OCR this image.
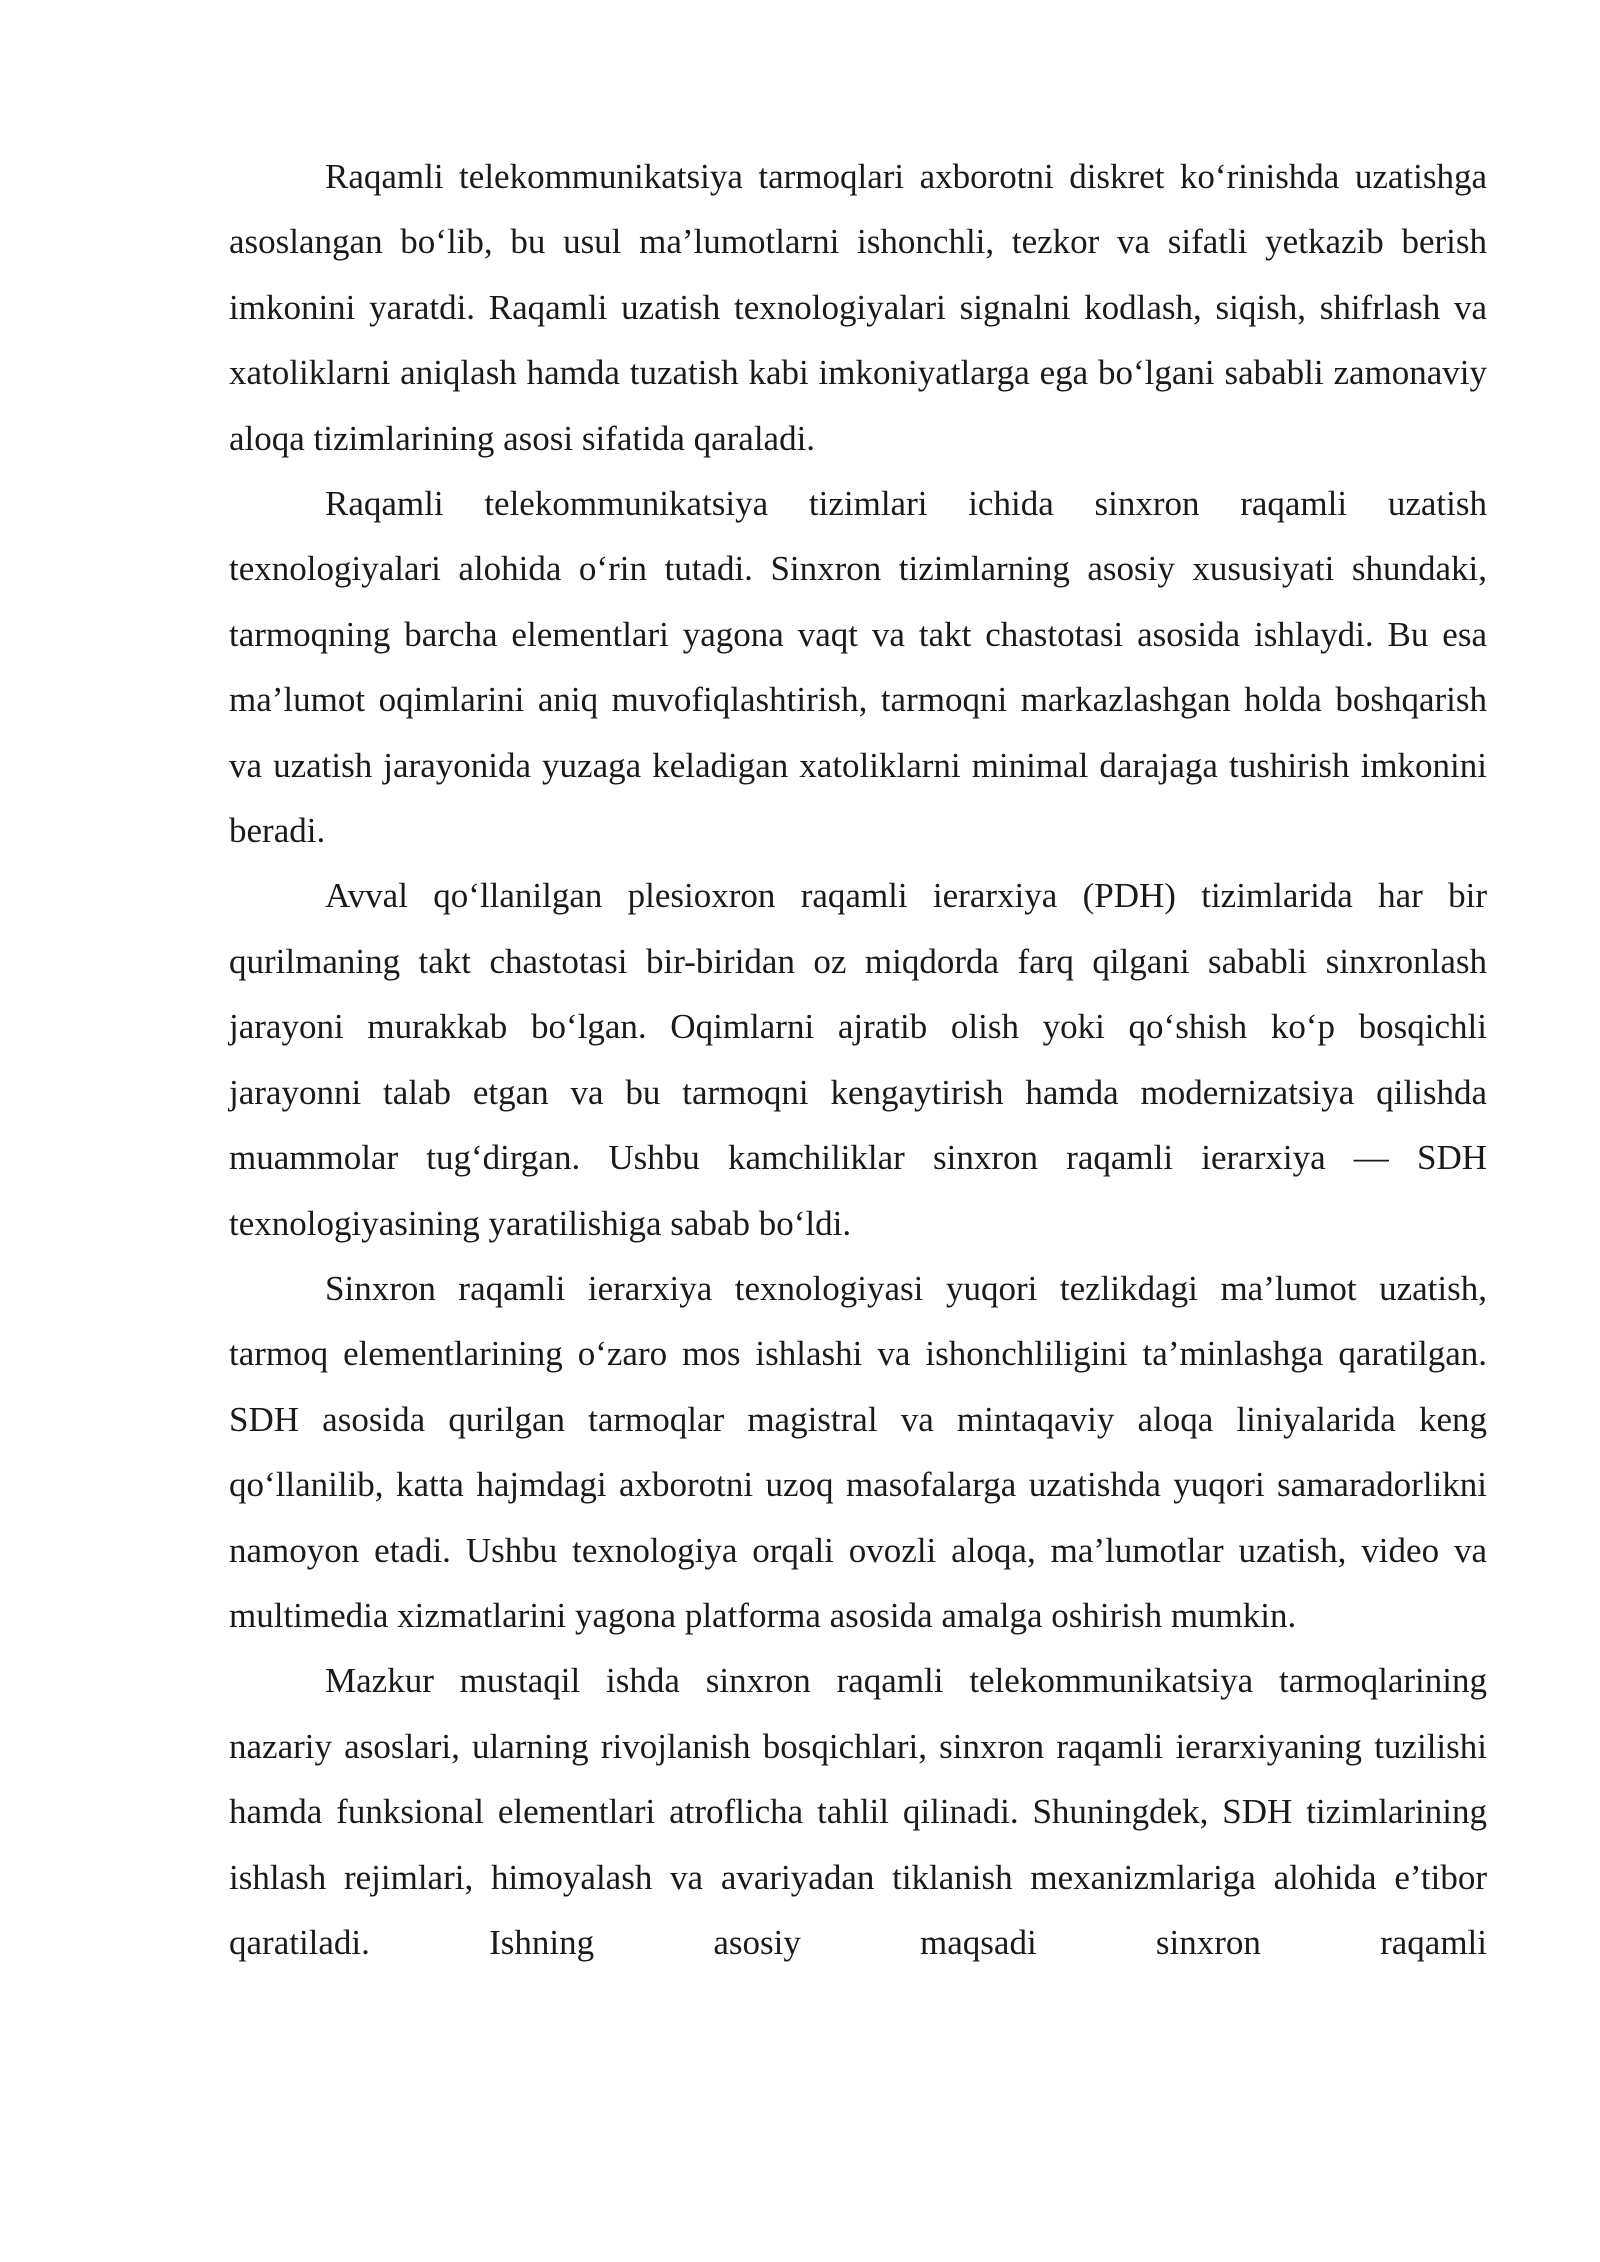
Raqamli telekommunikatsiya tarmoqlari axborotni diskret ko‘rinishda uzatishga asoslangan bo‘lib, bu usul ma’lumotlarni ishonchli, tezkor va sifatli yetkazib berish imkonini yaratdi. Raqamli uzatish texnologiyalari signalni kodlash, siqish, shifrlash va xatoliklarni aniqlash hamda tuzatish kabi imkoniyatlarga ega bo‘lgani sababli zamonaviy aloqa tizimlarining asosi sifatida qaraladi.

Raqamli telekommunikatsiya tizimlari ichida sinxron raqamli uzatish texnologiyalari alohida o‘rin tutadi. Sinxron tizimlarning asosiy xususiyati shundaki, tarmoqning barcha elementlari yagona vaqt va takt chastotasi asosida ishlaydi. Bu esa ma’lumot oqimlarini aniq muvofiqlashtirish, tarmoqni markazlashgan holda boshqarish va uzatish jarayonida yuzaga keladigan xatoliklarni minimal darajaga tushirish imkonini beradi.

Avval qo‘llanilgan plesioxron raqamli ierarxiya (PDH) tizimlarida har bir qurilmaning takt chastotasi bir-biridan oz miqdorda farq qilgani sababli sinxronlash jarayoni murakkab bo‘lgan. Oqimlarni ajratib olish yoki qo‘shish ko‘p bosqichli jarayonni talab etgan va bu tarmoqni kengaytirish hamda modernizatsiya qilishda muammolar tug‘dirgan. Ushbu kamchiliklar sinxron raqamli ierarxiya — SDH texnologiyasining yaratilishiga sabab bo‘ldi.

Sinxron raqamli ierarxiya texnologiyasi yuqori tezlikdagi ma’lumot uzatish, tarmoq elementlarining o‘zaro mos ishlashi va ishonchliligini ta’minlashga qaratilgan. SDH asosida qurilgan tarmoqlar magistral va mintaqaviy aloqa liniyalarida keng qo‘llanilib, katta hajmdagi axborotni uzoq masofalarga uzatishda yuqori samaradorlikni namoyon etadi. Ushbu texnologiya orqali ovozli aloqa, ma’lumotlar uzatish, video va multimedia xizmatlarini yagona platforma asosida amalga oshirish mumkin.

Mazkur mustaqil ishda sinxron raqamli telekommunikatsiya tarmoqlarining nazariy asoslari, ularning rivojlanish bosqichlari, sinxron raqamli ierarxiyaning tuzilishi hamda funksional elementlari atroflicha tahlil qilinadi. Shuningdek, SDH tizimlarining ishlash rejimlari, himoyalash va avariyadan tiklanish mexanizmlariga alohida e’tibor qaratiladi. Ishning asosiy maqsadi sinxron raqamli
